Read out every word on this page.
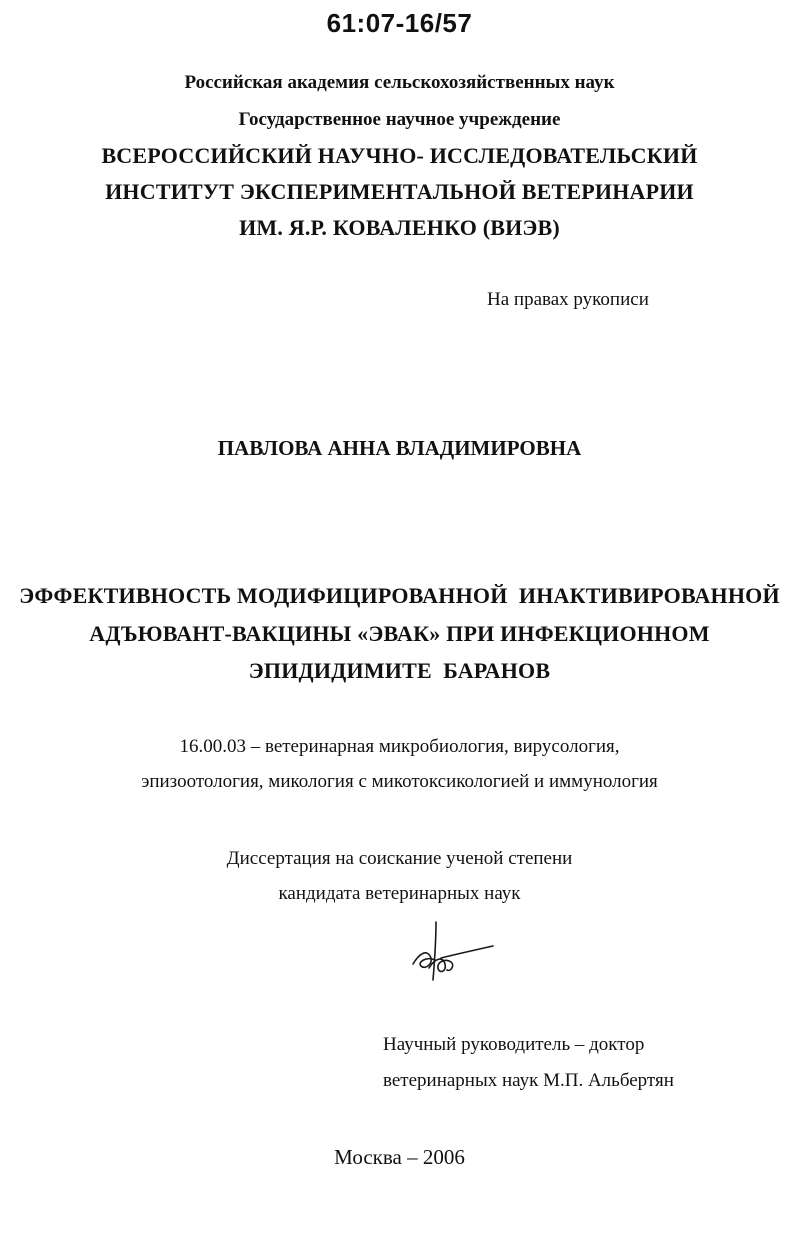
61:07-16/57
Российская академия сельскохозяйственных наук
Государственное научное учреждение
ВСЕРОССИЙСКИЙ НАУЧНО- ИССЛЕДОВАТЕЛЬСКИЙ
ИНСТИТУТ ЭКСПЕРИМЕНТАЛЬНОЙ ВЕТЕРИНАРИИ
ИМ. Я.Р. КОВАЛЕНКО (ВИЭВ)
На правах рукописи
ПАВЛОВА АННА ВЛАДИМИРОВНА
ЭФФЕКТИВНОСТЬ МОДИФИЦИРОВАННОЙ  ИНАКТИВИРОВАННОЙ
АДЪЮВАНТ-ВАКЦИНЫ «ЭВАК» ПРИ ИНФЕКЦИОННОМ
ЭПИДИДИМИТЕ  БАРАНОВ
16.00.03 – ветеринарная микробиология, вирусология,
эпизоотология, микология с микотоксикологией и иммунология
Диссертация на соискание ученой степени
кандидата ветеринарных наук
Научный руководитель – доктор
ветеринарных наук М.П. Альбертян
Москва – 2006
